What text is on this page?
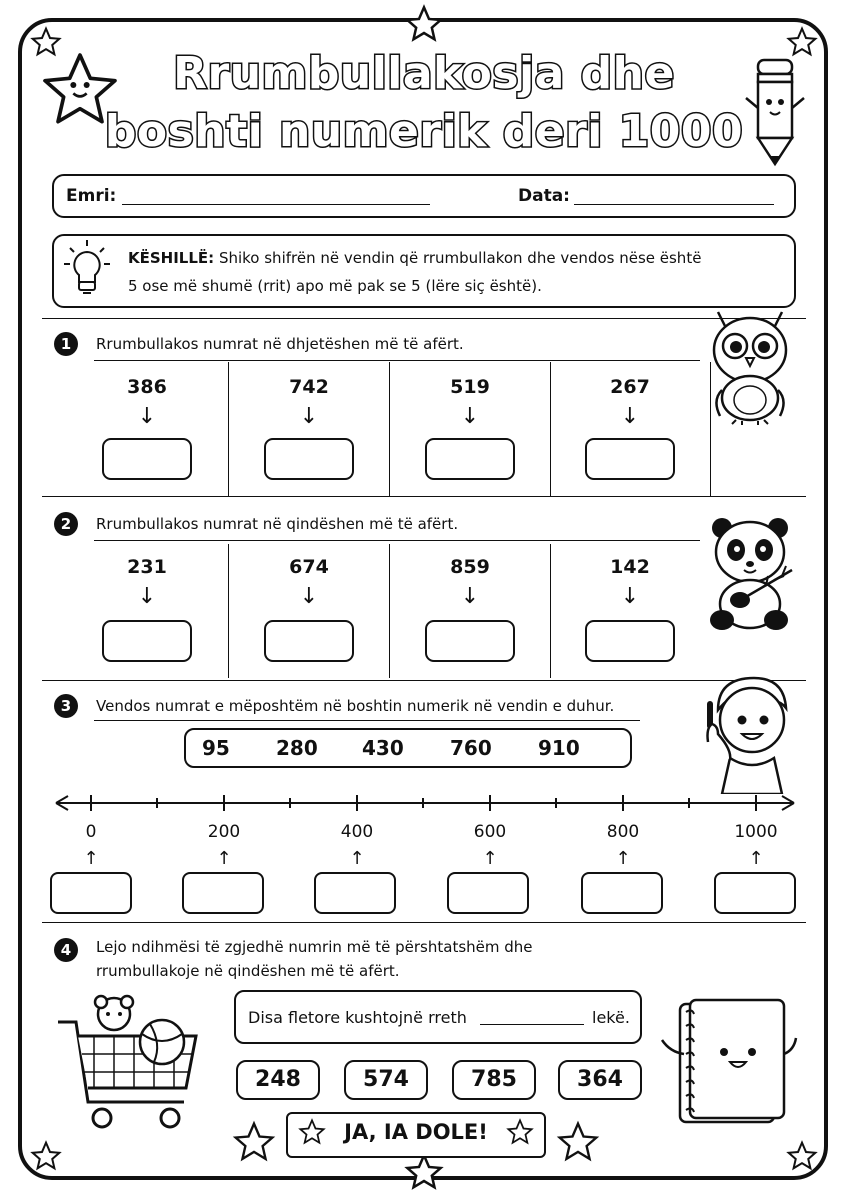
Rrumbullakosja dhe
boshti numerik deri 1000
Emri:	Data:
KËSHILLË: Shiko shifrën në vendin që rrumbullakon dhe vendos nëse është
5 ose më shumë (rrit) apo më pak se 5 (lëre siç është).
1	Rrumbullakos numrat në dhjetëshen më të afërt.
386	742	519	267
↓	↓	↓	↓
2	Rrumbullakos numrat në qindëshen më të afërt.
231	674	859	142
↓	↓	↓	↓
3	Vendos numrat e mëposhtëm në boshtin numerik në vendin e duhur.
95 280 430 760 910
0	200	400	600	800	1000
↑	↑	↑	↑	↑	↑
4	Lejo ndihmësi të zgjedhë numrin më të përshtatshëm dhe
rrumbullakoje në qindëshen më të afërt.
Disa fletore kushtojnë rreth	lekë.
248	574	785	364
JA, IA DOLE!
